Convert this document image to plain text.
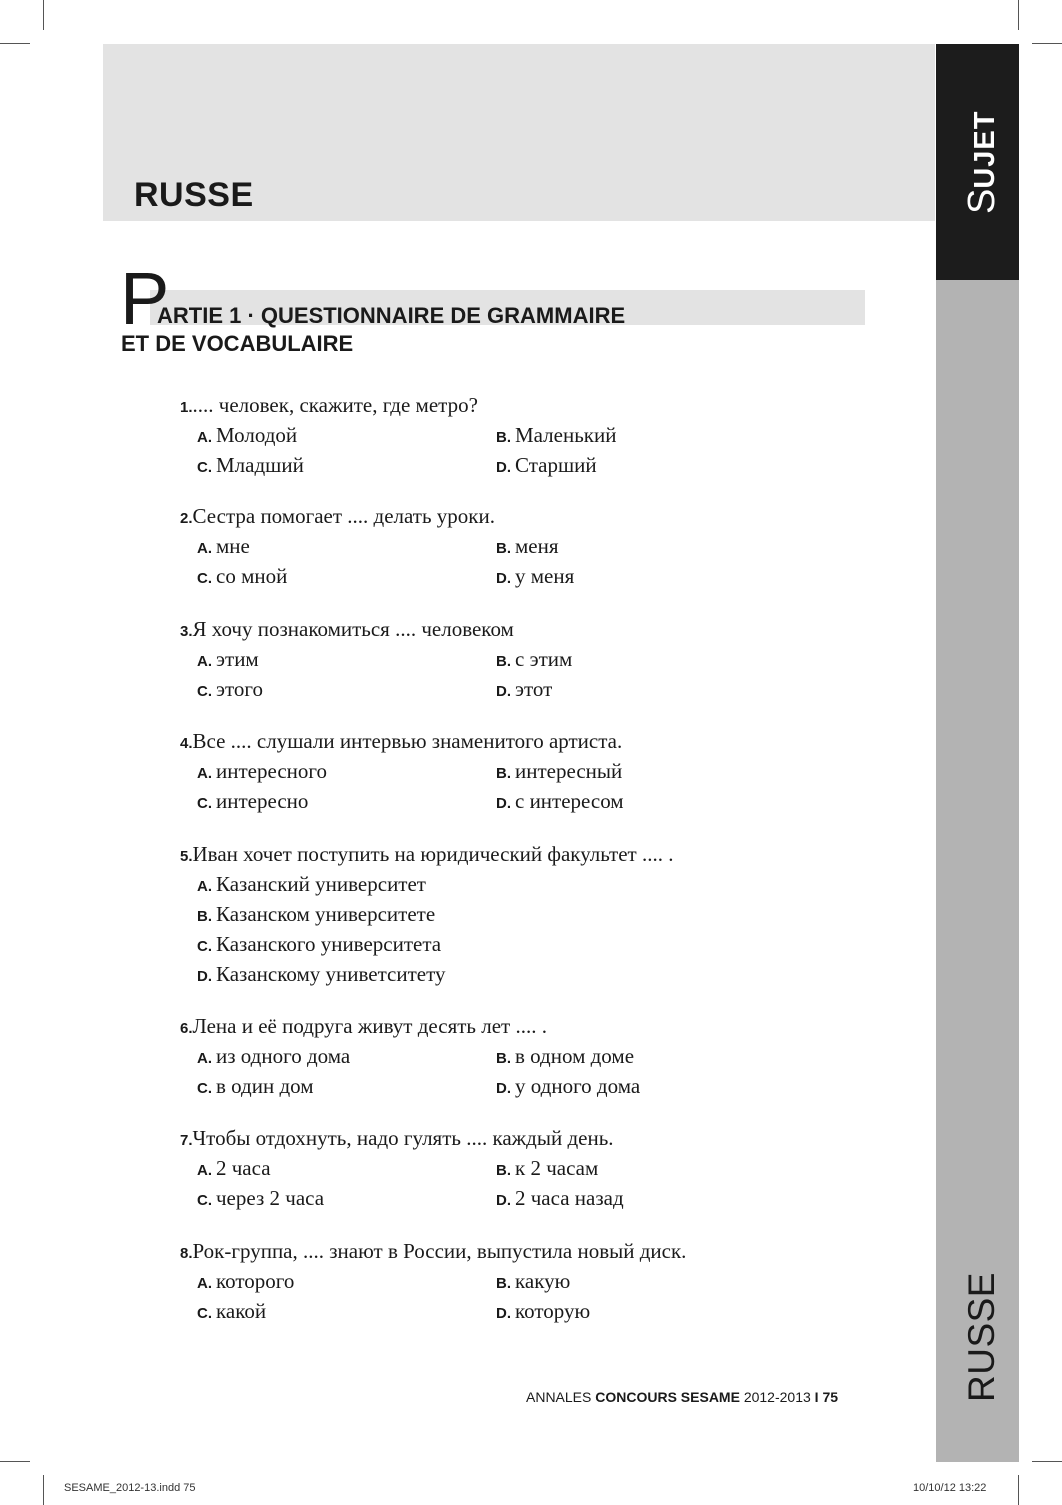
RUSSE	SUJET
RUSSE
P
ARTIE 1 · QUESTIONNAIRE DE GRAMMAIRE
ET DE VOCABULAIRE
1..... человек, скажите, где метро?
A. Молодой	B. Маленький
C. Младший	D. Старший
2.Сестра помогает .... делать уроки.
A. мне	B. меня
C. со мной	D. у меня
3.Я хочу познакомиться .... человеком
A. этим	B. с этим
C. этого	D. этот
4.Все .... слушали интервью знаменитого артиста.
A. интересного	B. интересный
C. интересно	D. с интересом
5.Иван хочет поступить на юридический факультет .... .
A. Казанский университет
B. Казанском университете
C. Казанского университета
D. Казанскому униветситету
6.Лена и её подруга живут десять лет .... .
A. из одного дома	B. в одном доме
C. в один дом	D. у одного дома
7.Чтобы отдохнуть, надо гулять .... каждый день.
A. 2 часа	B. к 2 часам
C. через 2 часа	D. 2 часа назад
8.Рок-группа, .... знают в России, выпустила новый диск.
A. которого	B. какую
C. какой	D. которую
ANNALES CONCOURS SESAME 2012-2013 I 75
SESAME_2012-13.indd 75	10/10/12 13:22
